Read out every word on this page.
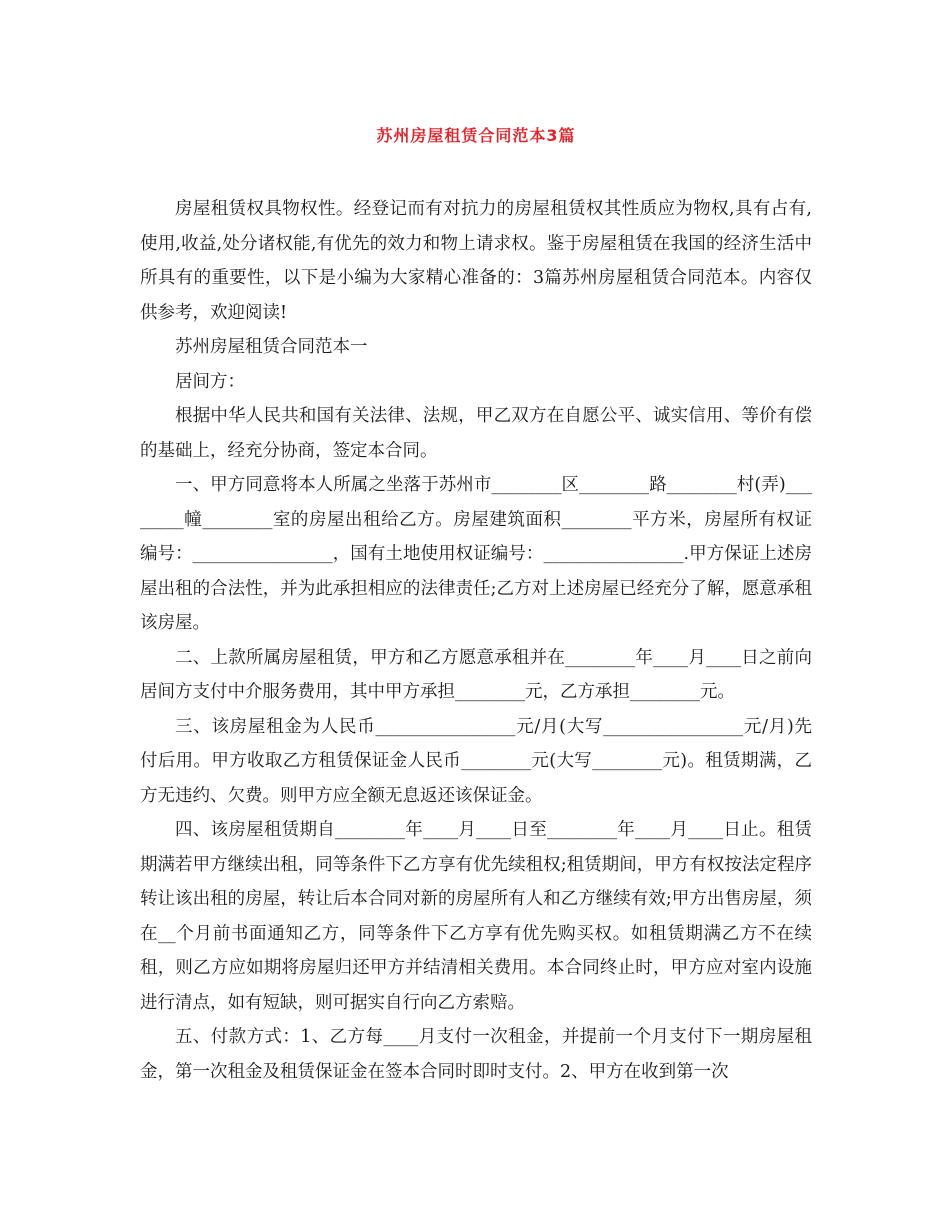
苏州房屋租赁合同范本3篇

房屋租赁权具物权性。经登记而有对抗力的房屋租赁权其性质应为物权,具有占有,使用,收益,处分诸权能,有优先的效力和物上请求权。鉴于房屋租赁在我国的经济生活中所具有的重要性，以下是小编为大家精心准备的：3篇苏州房屋租赁合同范本。内容仅供参考，欢迎阅读!

苏州房屋租赁合同范本一

居间方：

根据中华人民共和国有关法律、法规，甲乙双方在自愿公平、诚实信用、等价有偿的基础上，经充分协商，签定本合同。

一、甲方同意将本人所属之坐落于苏州市________区________路________村(弄)________幢________室的房屋出租给乙方。房屋建筑面积________平方米，房屋所有权证编号：________________，国有土地使用权证编号：________________.甲方保证上述房屋出租的合法性，并为此承担相应的法律责任;乙方对上述房屋已经充分了解，愿意承租该房屋。

二、上款所属房屋租赁，甲方和乙方愿意承租并在________年____月____日之前向居间方支付中介服务费用，其中甲方承担________元，乙方承担________元。

三、该房屋租金为人民币________________元/月(大写________________元/月)先付后用。甲方收取乙方租赁保证金人民币________元(大写________元)。租赁期满，乙方无违约、欠费。则甲方应全额无息返还该保证金。

四、该房屋租赁期自________年____月____日至________年____月____日止。租赁期满若甲方继续出租，同等条件下乙方享有优先续租权;租赁期间，甲方有权按法定程序转让该出租的房屋，转让后本合同对新的房屋所有人和乙方继续有效;甲方出售房屋，须在__个月前书面通知乙方，同等条件下乙方享有优先购买权。如租赁期满乙方不在续租，则乙方应如期将房屋归还甲方并结清相关费用。本合同终止时，甲方应对室内设施进行清点，如有短缺，则可据实自行向乙方索赔。

五、付款方式：1、乙方每____月支付一次租金，并提前一个月支付下一期房屋租金，第一次租金及租赁保证金在签本合同时即时支付。2、甲方在收到第一次
